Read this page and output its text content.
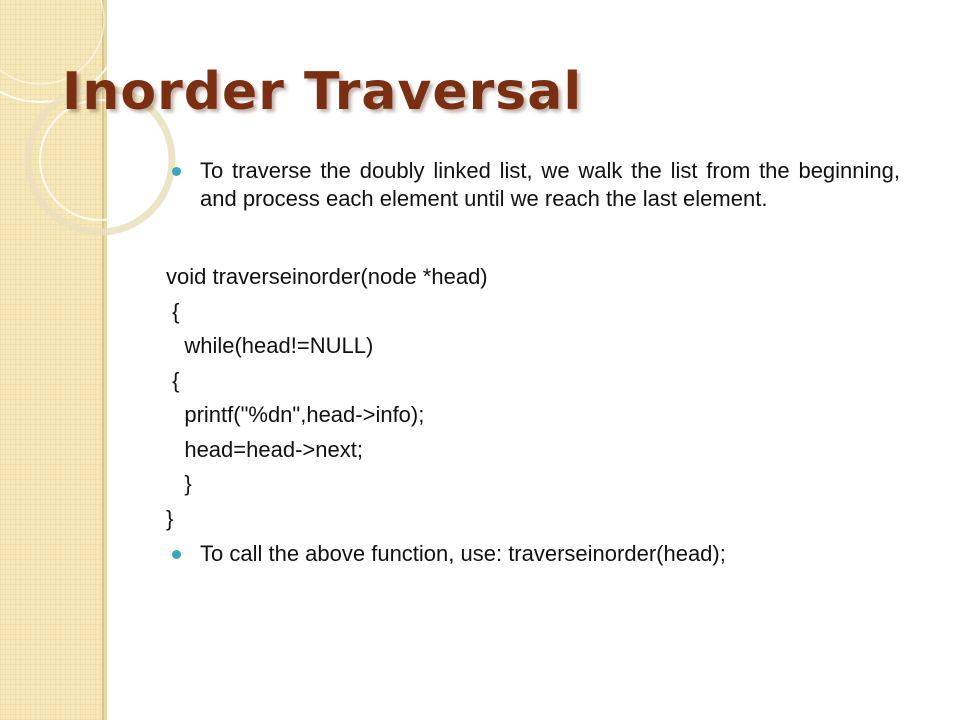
Inorder Traversal
To traverse the doubly linked list, we walk the list from the beginning, and process each element until we reach the last element.
void traverseinorder(node *head)
{
while(head!=NULL)
{
printf("%dn",head->info);
head=head->next;
}
}
To call the above function, use: traverseinorder(head);
